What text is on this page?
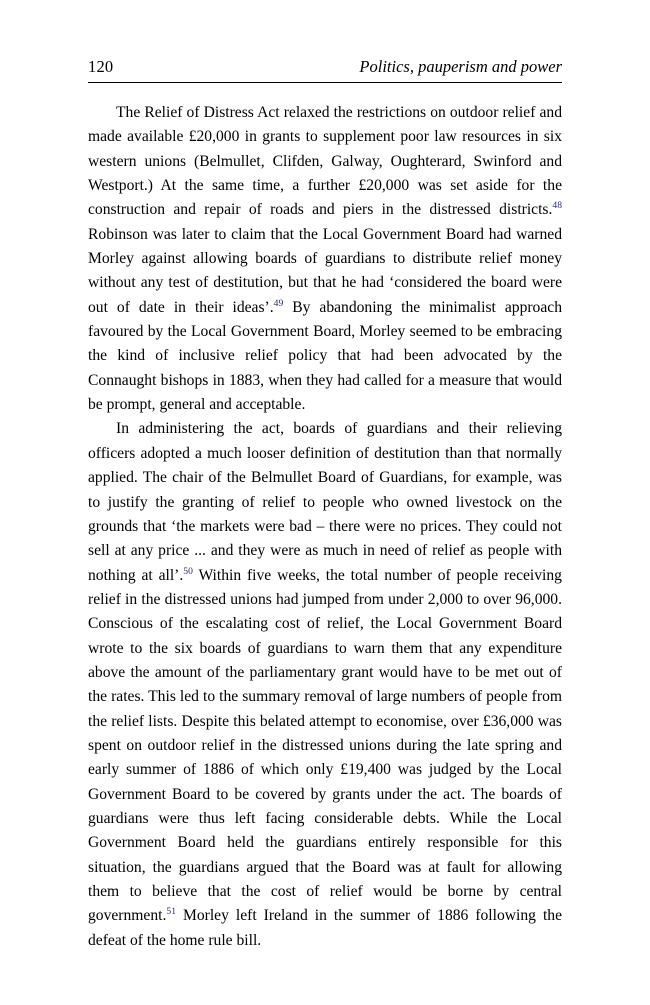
120	Politics, pauperism and power

The Relief of Distress Act relaxed the restrictions on outdoor relief and made available £20,000 in grants to supplement poor law resources in six western unions (Belmullet, Clifden, Galway, Oughterard, Swinford and Westport.) At the same time, a further £20,000 was set aside for the construction and repair of roads and piers in the distressed districts.$^{48}$ Robinson was later to claim that the Local Government Board had warned Morley against allowing boards of guardians to distribute relief money without any test of destitution, but that he had ‘considered the board were out of date in their ideas’.$^{49}$ By abandoning the minimalist approach favoured by the Local Government Board, Morley seemed to be embracing the kind of inclusive relief policy that had been advocated by the Connaught bishops in 1883, when they had called for a measure that would be prompt, general and acceptable.

In administering the act, boards of guardians and their relieving officers adopted a much looser definition of destitution than that normally applied. The chair of the Belmullet Board of Guardians, for example, was to justify the granting of relief to people who owned livestock on the grounds that ‘the markets were bad – there were no prices. They could not sell at any price ... and they were as much in need of relief as people with nothing at all’.$^{50}$ Within five weeks, the total number of people receiving relief in the distressed unions had jumped from under 2,000 to over 96,000. Conscious of the escalating cost of relief, the Local Government Board wrote to the six boards of guardians to warn them that any expenditure above the amount of the parliamentary grant would have to be met out of the rates. This led to the summary removal of large numbers of people from the relief lists. Despite this belated attempt to economise, over £36,000 was spent on outdoor relief in the distressed unions during the late spring and early summer of 1886 of which only £19,400 was judged by the Local Government Board to be covered by grants under the act. The boards of guardians were thus left facing considerable debts. While the Local Government Board held the guardians entirely responsible for this situation, the guardians argued that the Board was at fault for allowing them to believe that the cost of relief would be borne by central government.$^{51}$ Morley left Ireland in the summer of 1886 following the defeat of the home rule bill.
